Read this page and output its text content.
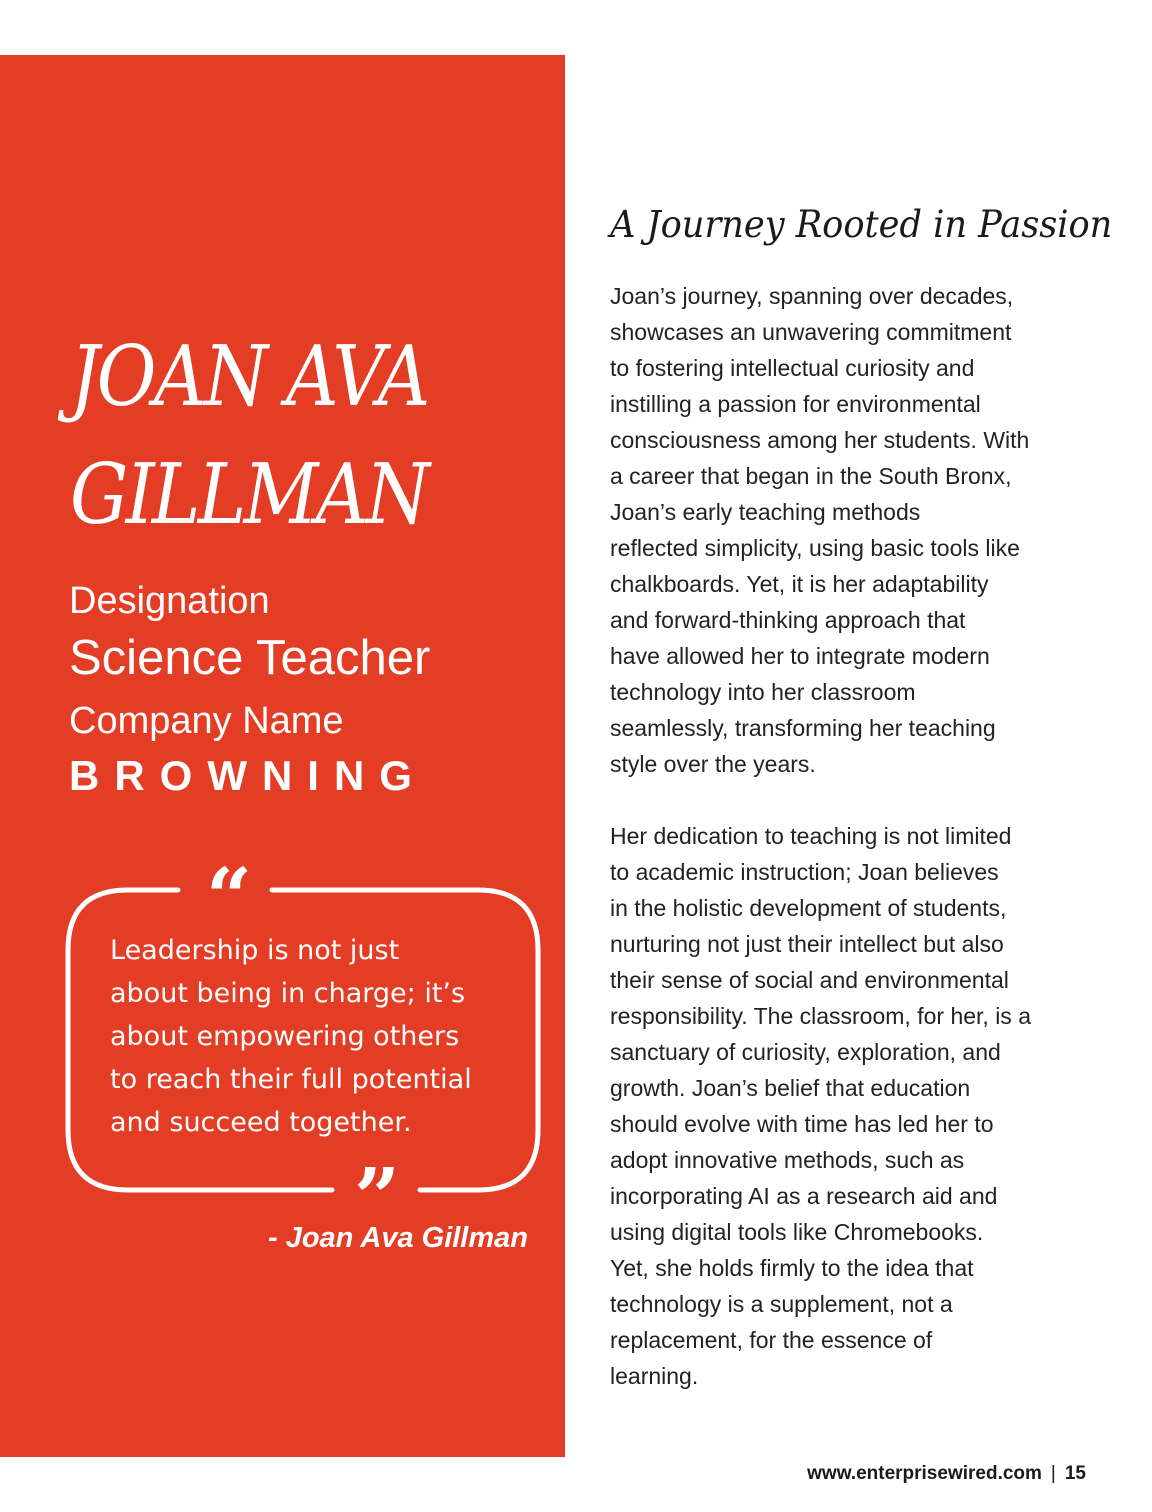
JOAN AVA
GILLMAN
Designation
Science Teacher
Company Name
BROWNING
“
”

Leadership is not just
about being in charge; it’s
about empowering others
to reach their full potential
and succeed together.

- Joan Ava Gillman
A Journey Rooted in Passion

Joan’s journey, spanning over decades,
showcases an unwavering commitment
to fostering intellectual curiosity and
instilling a passion for environmental
consciousness among her students. With
a career that began in the South Bronx,
Joan’s early teaching methods
reflected simplicity, using basic tools like
chalkboards. Yet, it is her adaptability
and forward-thinking approach that
have allowed her to integrate modern
technology into her classroom
seamlessly, transforming her teaching
style over the years.

Her dedication to teaching is not limited
to academic instruction; Joan believes
in the holistic development of students,
nurturing not just their intellect but also
their sense of social and environmental
responsibility. The classroom, for her, is a
sanctuary of curiosity, exploration, and
growth. Joan’s belief that education
should evolve with time has led her to
adopt innovative methods, such as
incorporating AI as a research aid and
using digital tools like Chromebooks.
Yet, she holds firmly to the idea that
technology is a supplement, not a
replacement, for the essence of
learning.

www.enterprisewired.com | 15
